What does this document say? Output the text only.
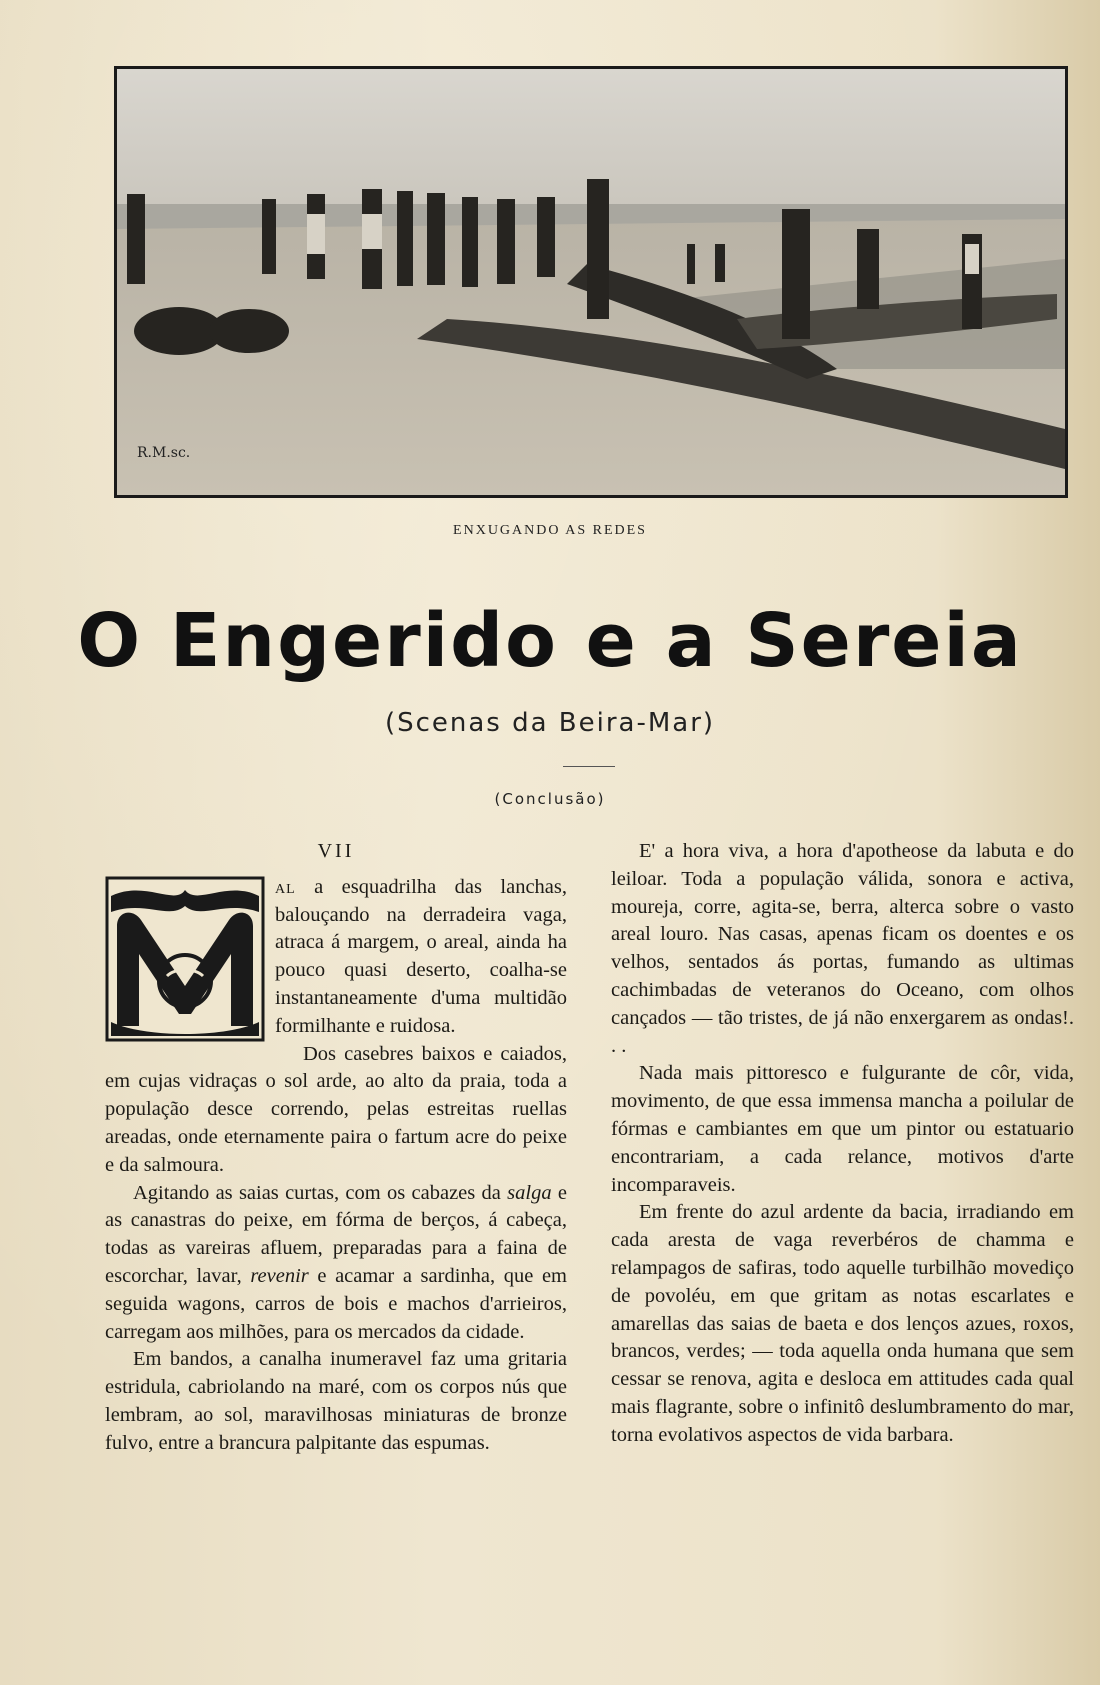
R.M.sc.
ENXUGANDO AS REDES
O Engerido e a Sereia
(Scenas da Beira-Mar)
(Conclusão)
VII

al a esquadrilha das lanchas, balouçando na derradeira vaga, atraca á margem, o areal, ainda ha pouco quasi deserto, coalha-se instantaneamente d'uma multidão formilhante e ruidosa.

Dos casebres baixos e caiados, em cujas vidraças o sol arde, ao alto da praia, toda a população desce correndo, pelas estreitas ruellas areadas, onde eternamente paira o fartum acre do peixe e da salmoura.

Agitando as saias curtas, com os cabazes da salga e as canastras do peixe, em fórma de berços, á cabeça, todas as vareiras afluem, preparadas para a faina de escorchar, lavar, revenir e acamar a sardinha, que em seguida wagons, carros de bois e machos d'arrieiros, carregam aos milhões, para os mercados da cidade.

Em bandos, a canalha inumeravel faz uma gritaria estridula, cabriolando na maré, com os corpos nús que lembram, ao sol, maravilhosas miniaturas de bronze fulvo, entre a brancura palpitante das espumas.

E' a hora viva, a hora d'apotheose da labuta e do leiloar. Toda a população válida, sonora e activa, moureja, corre, agita-se, berra, alterca sobre o vasto areal louro. Nas casas, apenas ficam os doentes e os velhos, sentados ás portas, fumando as ultimas cachimbadas de veteranos do Oceano, com olhos cançados — tão tristes, de já não enxergarem as ondas!. . .

Nada mais pittoresco e fulgurante de côr, vida, movimento, de que essa immensa mancha a poilular de fórmas e cambiantes em que um pintor ou estatuario encontrariam, a cada relance, motivos d'arte incomparaveis.

Em frente do azul ardente da bacia, irradiando em cada aresta de vaga reverbéros de chamma e relampagos de safiras, todo aquelle turbilhão movediço de povoléu, em que gritam as notas escarlates e amarellas das saias de baeta e dos lenços azues, roxos, brancos, verdes; — toda aquella onda humana que sem cessar se renova, agita e desloca em attitudes cada qual mais flagrante, sobre o infinitô deslumbramento do mar, torna evolativos aspectos de vida barbara.
